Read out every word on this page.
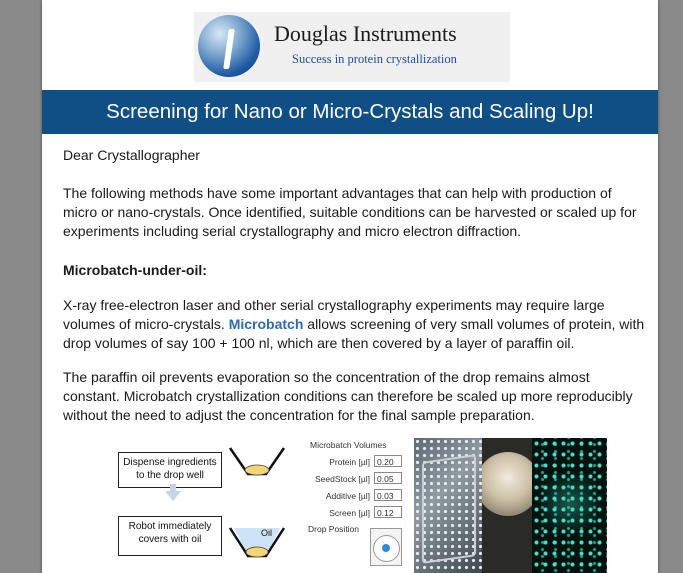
Douglas Instruments
Success in protein crystallization
Screening for Nano or Micro-Crystals and Scaling Up!
Dear Crystallographer
The following methods have some important advantages that can help with production of micro or nano-crystals. Once identified, suitable conditions can be harvested or scaled up for experiments including serial crystallography and micro electron diffraction.
Microbatch-under-oil:
X-ray free-electron laser and other serial crystallography experiments may require large volumes of micro-crystals. Microbatch allows screening of very small volumes of protein, with drop volumes of say 100 + 100 nl, which are then covered by a layer of paraffin oil.
The paraffin oil prevents evaporation so the concentration of the drop remains almost constant. Microbatch crystallization conditions can therefore be scaled up more reproducibly without the need to adjust the concentration for the final sample preparation.
Dispense ingredients to the drop well
Robot immediately covers with oil
Oil
Microbatch Volumes
Protein [µl] 0.20
SeedStock [µl] 0.05
Additive [µl] 0.03
Screen [µl] 0.12
Drop Position
